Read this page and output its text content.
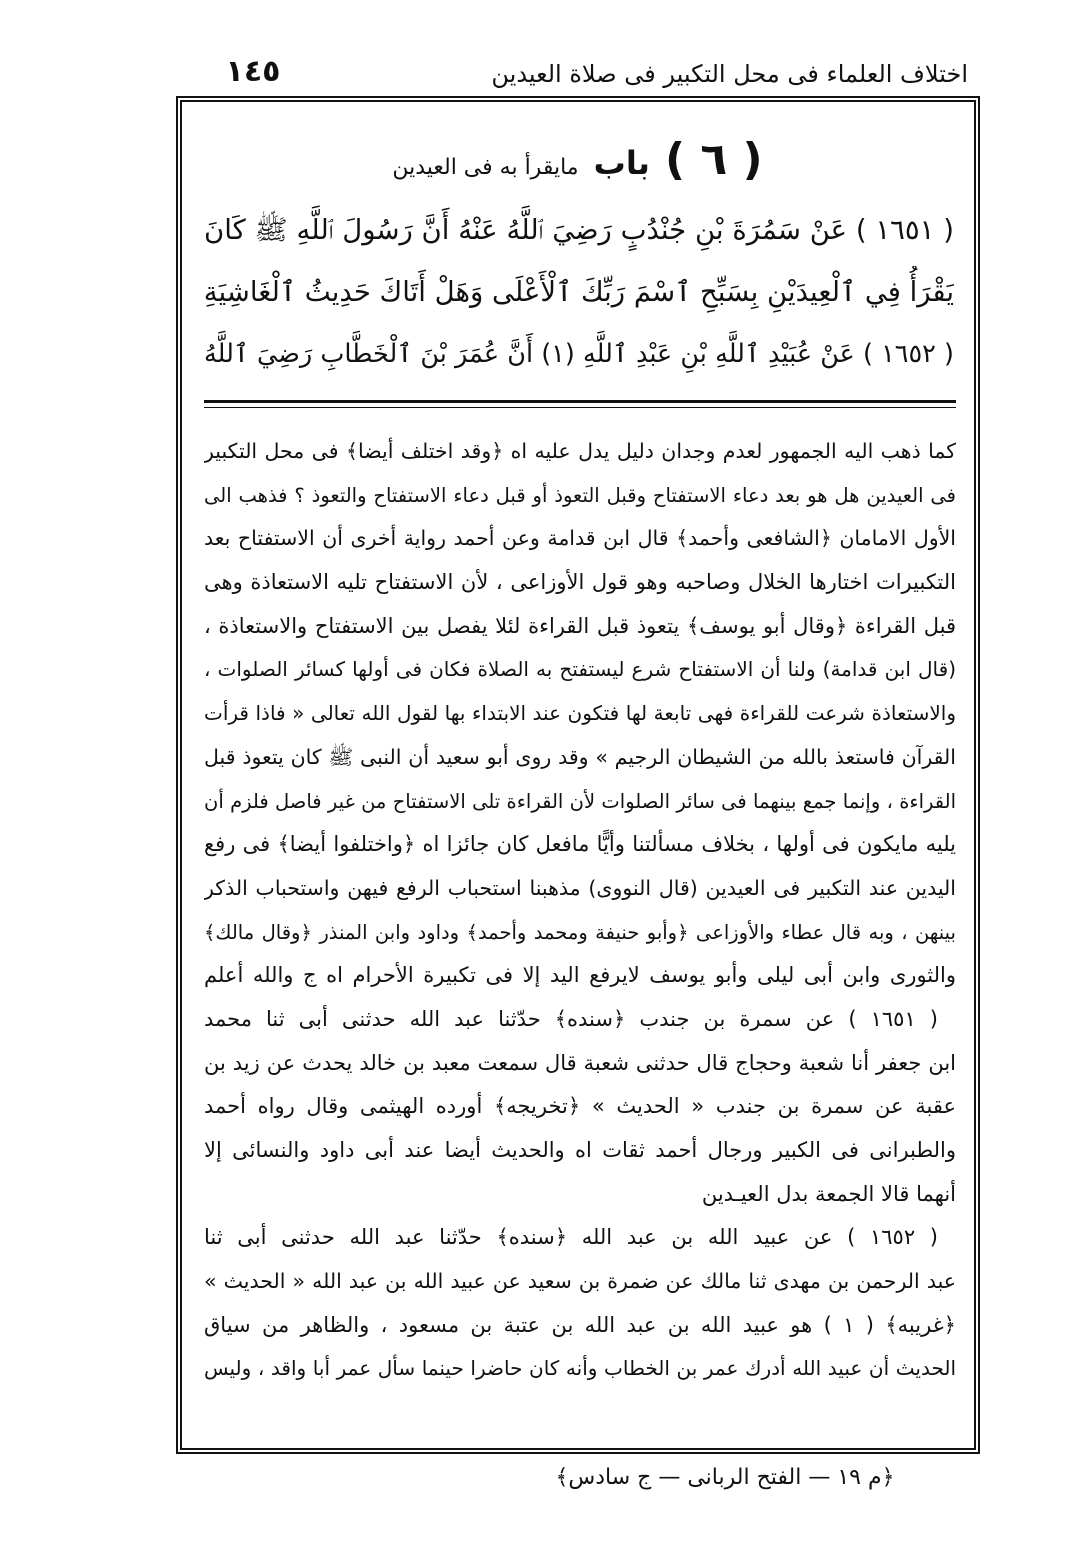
اختلاف العلماء فى محل التكبير فى صلاة العيدين
١٤٥
( ٦ ) باب مايقرأ به فى العيدين
( ١٦٥١ ) عَنْ سَمُرَةَ بْنِ جُنْدُبٍ رَضِيَ ٱللَّهُ عَنْهُ أَنَّ رَسُولَ ٱللَّهِ ﷺ كَانَ
يَقْرَأُ فِي ٱلْعِيدَيْنِ بِسَبِّحِ ٱسْمَ رَبِّكَ ٱلْأَعْلَى وَهَلْ أَتَاكَ حَدِيثُ ٱلْغَاشِيَةِ
( ١٦٥٢ ) عَنْ عُبَيْدِ ٱللَّهِ بْنِ عَبْدِ ٱللَّهِ (١) أَنَّ عُمَرَ بْنَ ٱلْخَطَّابِ رَضِيَ ٱللَّهُ
كما ذهب اليه الجمهور لعدم وجدان دليل يدل عليه اه ﴿وقد اختلف أيضا﴾ فى محل التكبير
فى العيدين هل هو بعد دعاء الاستفتاح وقبل التعوذ أو قبل دعاء الاستفتاح والتعوذ ؟ فذهب الى
الأول الامامان ﴿الشافعى وأحمد﴾ قال ابن قدامة وعن أحمد رواية أخرى أن الاستفتاح بعد
التكبيرات اختارها الخلال وصاحبه وهو قول الأوزاعى ، لأن الاستفتاح تليه الاستعاذة وهى
قبل القراءة ﴿وقال أبو يوسف﴾ يتعوذ قبل القراءة لئلا يفصل بين الاستفتاح والاستعاذة ،
(قال ابن قدامة) ولنا أن الاستفتاح شرع ليستفتح به الصلاة فكان فى أولها كسائر الصلوات ،
والاستعاذة شرعت للقراءة فهى تابعة لها فتكون عند الابتداء بها لقول الله تعالى « فاذا قرأت
القرآن فاستعذ بالله من الشيطان الرجيم » وقد روى أبو سعيد أن النبى ﷺ كان يتعوذ قبل
القراءة ، وإنما جمع بينهما فى سائر الصلوات لأن القراءة تلى الاستفتاح من غير فاصل فلزم أن
يليه مايكون فى أولها ، بخلاف مسألتنا وأيًّا مافعل كان جائزا اه ﴿واختلفوا أيضا﴾ فى رفع
اليدين عند التكبير فى العيدين (قال النووى) مذهبنا استحباب الرفع فيهن واستحباب الذكر
بينهن ، وبه قال عطاء والأوزاعى ﴿وأبو حنيفة ومحمد وأحمد﴾ وداود وابن المنذر ﴿وقال مالك﴾
والثورى وابن أبى ليلى وأبو يوسف لايرفع اليد إلا فى تكبيرة الأحرام اه ج والله أعلم
( ١٦٥١ ) عن سمرة بن جندب ﴿سنده﴾ حدّثنا عبد الله حدثنى أبى ثنا محمد
ابن جعفر أنا شعبة وحجاج قال حدثنى شعبة قال سمعت معبد بن خالد يحدث عن زيد بن
عقبة عن سمرة بن جندب « الحديث » ﴿تخريجه﴾ أورده الهيثمى وقال رواه أحمد
والطبرانى فى الكبير ورجال أحمد ثقات اه والحديث أيضا عند أبى داود والنسائى إلا
أنهما قالا الجمعة بدل العيـدين
( ١٦٥٢ ) عن عبيد الله بن عبد الله ﴿سنده﴾ حدّثنا عبد الله حدثنى أبى ثنا
عبد الرحمن بن مهدى ثنا مالك عن ضمرة بن سعيد عن عبيد الله بن عبد الله « الحديث »
﴿غريبه﴾ ( ١ ) هو عبيد الله بن عبد الله بن عتبة بن مسعود ، والظاهر من سياق
الحديث أن عبيد الله أدرك عمر بن الخطاب وأنه كان حاضرا حينما سأل عمر أبا واقد ، وليس
﴿م ١٩ — الفتح الربانى — ج سادس﴾
